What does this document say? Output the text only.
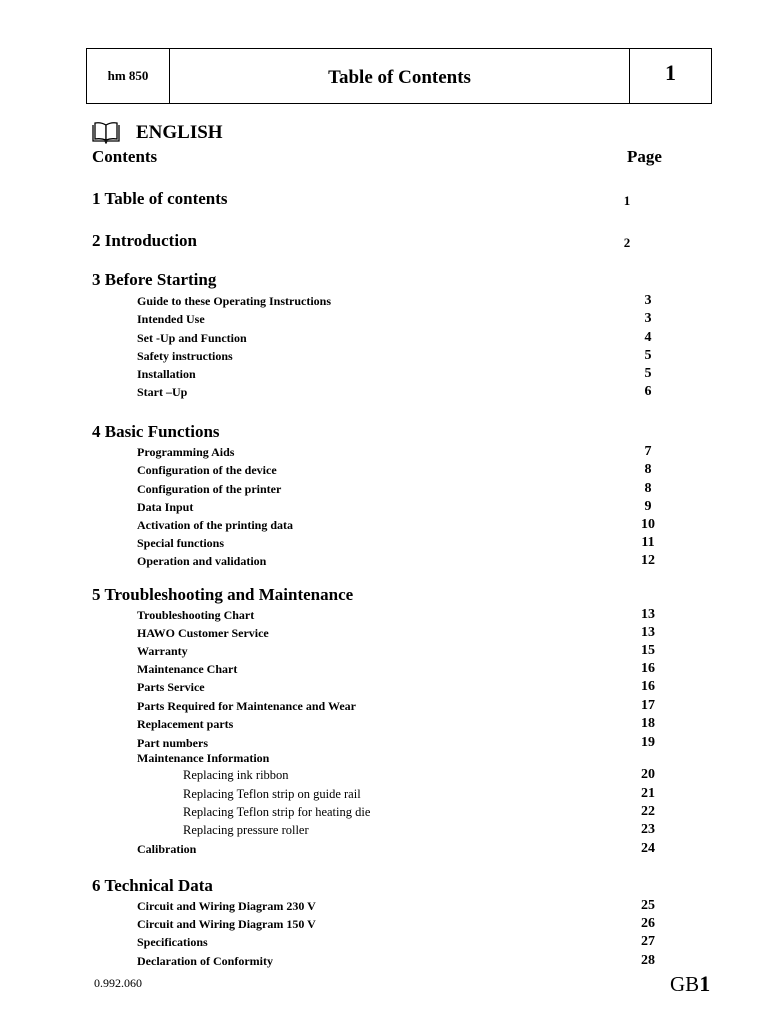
hm 850	Table of Contents	1
ENGLISH
Contents	Page
1 Table of contents	1
2 Introduction	2
3 Before Starting
Guide to these Operating Instructions	3
Intended Use	3
Set -Up and Function	4
Safety instructions	5
Installation	5
Start –Up	6
4 Basic Functions
Programming Aids	7
Configuration of the device	8
Configuration of the printer	8
Data Input	9
Activation of the printing data	10
Special functions	11
Operation and validation	12
5 Troubleshooting and Maintenance
Troubleshooting Chart	13
HAWO Customer Service	13
Warranty	15
Maintenance Chart	16
Parts Service	16
Parts Required for Maintenance and Wear	17
Replacement parts	18
Part numbers	19
Maintenance Information
Replacing ink ribbon	20
Replacing Teflon strip on guide rail	21
Replacing Teflon strip for heating die	22
Replacing pressure roller	23
Calibration	24
6 Technical Data
Circuit and Wiring Diagram 230 V	25
Circuit and Wiring Diagram 150 V	26
Specifications	27
Declaration of Conformity	28
0.992.060	GB1
